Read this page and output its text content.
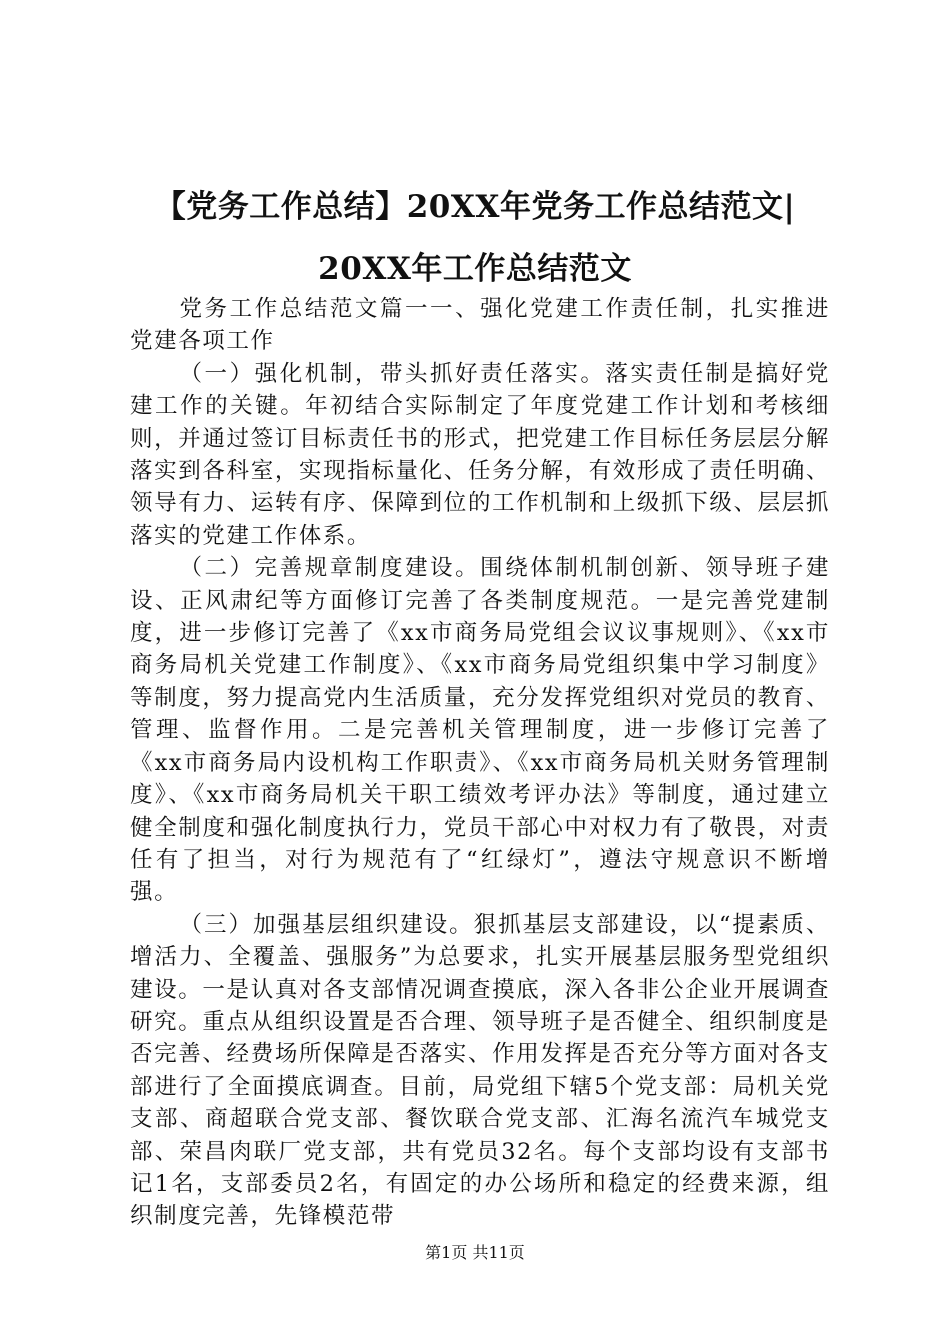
【党务工作总结】20XX年党务工作总结范文|
20XX年工作总结范文

党务工作总结范文篇一一、强化党建工作责任制，扎实推进党建各项工作

（一）强化机制，带头抓好责任落实。落实责任制是搞好党建工作的关键。年初结合实际制定了年度党建工作计划和考核细则，并通过签订目标责任书的形式，把党建工作目标任务层层分解落实到各科室，实现指标量化、任务分解，有效形成了责任明确、领导有力、运转有序、保障到位的工作机制和上级抓下级、层层抓落实的党建工作体系。

（二）完善规章制度建设。围绕体制机制创新、领导班子建设、正风肃纪等方面修订完善了各类制度规范。一是完善党建制度，进一步修订完善了《xx市商务局党组会议议事规则》、《xx市商务局机关党建工作制度》、《xx市商务局党组织集中学习制度》等制度，努力提高党内生活质量，充分发挥党组织对党员的教育、管理、监督作用。二是完善机关管理制度，进一步修订完善了《xx市商务局内设机构工作职责》、《xx市商务局机关财务管理制度》、《xx市商务局机关干职工绩效考评办法》等制度，通过建立健全制度和强化制度执行力，党员干部心中对权力有了敬畏，对责任有了担当，对行为规范有了“红绿灯”，遵法守规意识不断增强。

（三）加强基层组织建设。狠抓基层支部建设，以“提素质、增活力、全覆盖、强服务”为总要求，扎实开展基层服务型党组织建设。一是认真对各支部情况调查摸底，深入各非公企业开展调查研究。重点从组织设置是否合理、领导班子是否健全、组织制度是否完善、经费场所保障是否落实、作用发挥是否充分等方面对各支部进行了全面摸底调查。目前，局党组下辖5个党支部：局机关党支部、商超联合党支部、餐饮联合党支部、汇海名流汽车城党支部、荣昌肉联厂党支部，共有党员32名。每个支部均设有支部书记1名，支部委员2名，有固定的办公场所和稳定的经费来源，组织制度完善，先锋模范带

第1页 共11页
